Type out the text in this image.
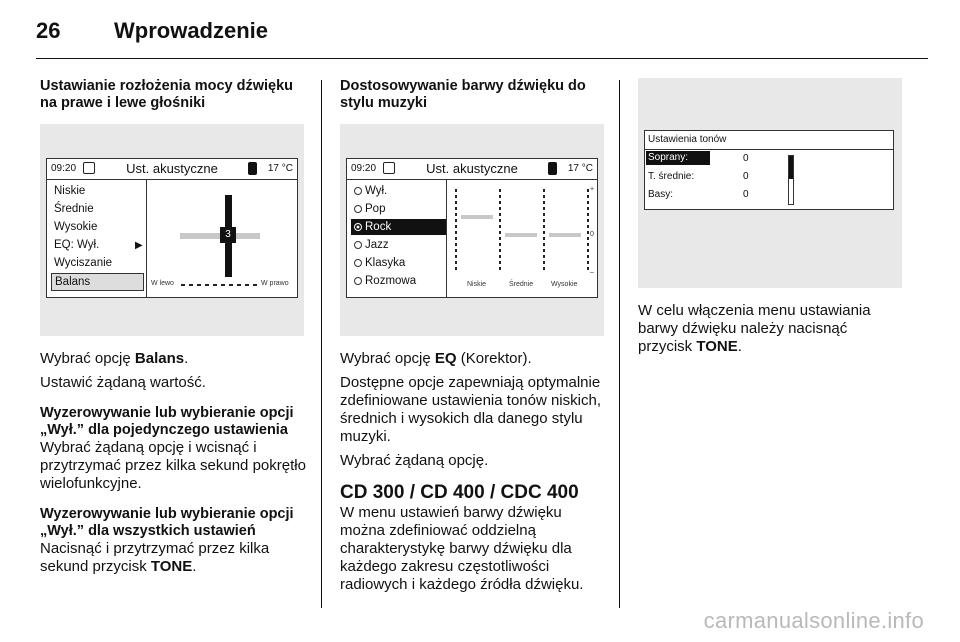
26 Wprowadzenie

Ustawianie rozłożenia mocy dźwięku na prawe i lewe głośniki

09:20	Ust. akustyczne	17 °C
Niskie
Średnie
Wysokie
EQ: Wył.	▶
Wyciszanie
Balans
3
W lewo	W prawo

Wybrać opcję Balans.

Ustawić żądaną wartość.

Wyzerowywanie lub wybieranie opcji „Wył.” dla pojedynczego ustawienia

Wybrać żądaną opcję i wcisnąć i przytrzymać przez kilka sekund pokrętło wielofunkcyjne.

Wyzerowywanie lub wybieranie opcji „Wył.” dla wszystkich ustawień

Nacisnąć i przytrzymać przez kilka sekund przycisk TONE.

Dostosowywanie barwy dźwięku do stylu muzyki

09:20	Ust. akustyczne	17 °C
Wył.
Pop
Rock
Jazz
Klasyka
Rozmowa
+
0
–
Niskie	Średnie	Wysokie

Wybrać opcję EQ (Korektor).

Dostępne opcje zapewniają optymalnie zdefiniowane ustawienia tonów niskich, średnich i wysokich dla danego stylu muzyki.

Wybrać żądaną opcję.

CD 300 / CD 400 / CDC 400

W menu ustawień barwy dźwięku można zdefiniować oddzielną charakterystykę barwy dźwięku dla każdego zakresu częstotliwości radiowych i każdego źródła dźwięku.

Ustawienia tonów
Soprany:	0
T. średnie:	0
Basy:	0

W celu włączenia menu ustawiania barwy dźwięku należy nacisnąć przycisk TONE.

carmanualsonline.info
